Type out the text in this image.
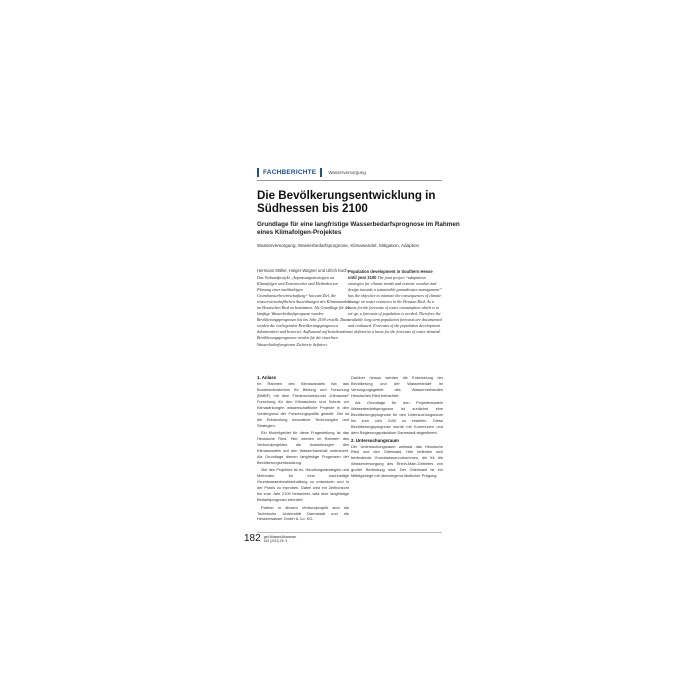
FACHBERICHTE	Wasserversorgung
Die Bevölkerungsentwicklung in Südhessen bis 2100
Grundlage für eine langfristige Wasserbedarfsprognose im Rahmen eines Klimafolgen-Projektes
Wasserversorgung, Wasserbedarfsprognose, Klimawandel, Mitigation, Adaption
Hermann Möller, Holger Wagner und Ulrich Koch
Das Verbundprojekt „Anpassungsstrategien an Klimafolgen und Extremwetter und Methoden zur Planung einer nachhaltigen Grundwasserbewirtschaftung“ hat zum Ziel, die wasserwirtschaftlichen Auswirkungen des Klimawandels im Hessischen Ried zu bestimmen. Als Grundlage für die künftige Wasserbedarfsprognose wurden Bevölkerungsprognosen bis ins Jahr 2100 erstellt. Dazu werden die vorliegenden Bevölkerungsprognosen dokumentiert und bewertet. Aufbauend auf bestehenden Bevölkerungsprognosen werden für die einzelnen Wasserbedarfsregionen Zielwerte definiert.
Population development in Southern Hesse until year 2100 The joint project “adaptation strategies for climate trends and extreme weather and design towards a sustainable groundwater management” has the objective to estimate the consequences of climate change on water resources in the Hessian Ried. As a basis for the forecasts of water consumption which is to set up, a forecasts of population is needed. Therefore the available long term population forecasts are documented and evaluated. Forecasts of the population development are defined as a basis for the forecasts of water demand.
1. Anlass

Im Rahmen des Klimawandels hat das Bundesministerium für Bildung und Forschung (BMBF) mit dem Förderschwerpunkt „Klimazwei“ Forschung für den Klimaschutz und Schutz vor Klimawirkungen wissenschaftliche Projekte in den Vordergrund der Forschungspolitik gestellt. Ziel ist die Entwicklung innovativer Technologien und Strategien.

Ein Modellgebiet für diese Fragestellung ist das Hessische Ried. Hier werden im Rahmen des Verbundprojektes die Auswirkungen des Klimawandels auf den Wasserhaushalt untersucht. Als Grundlage dienen langfristige Prognosen der Bevölkerungsentwicklung.

Ziel des Projektes ist es, Handlungsstrategien und Methoden für eine nachhaltige Grundwasserbewirtschaftung zu entwickeln und in der Praxis zu erproben. Dabei wird ein Zeithorizont bis zum Jahr 2100 betrachtet, was eine langfristige Bedarfsprognose erfordert.

Partner in diesem Verbundprojekt sind die Technische Universität Darmstadt und die Hessenwasser GmbH & Co. KG.

Darüber hinaus werden die Entwicklung der Bevölkerung und der Wasserbedarf im Versorgungsgebiet des Wasserverbandes Hessisches Ried betrachtet.

Als Grundlage für den Projektbaustein Wasserbedarfsprognose ist zunächst eine Bevölkerungsprognose für den Untersuchungsraum bis zum Jahr 2100 zu erstellen. Diese Bevölkerungsprognose wurde mit Kommunen und dem Regierungspräsidium Darmstadt abgestimmt.

2. Untersuchungsraum

Der Untersuchungsraum umfasst das Hessische Ried und den Odenwald. Hier befinden sich bedeutende Grundwasservorkommen, die für die Wasserversorgung des Rhein-Main-Gebietes von großer Bedeutung sind. Der Odenwald ist ein Mittelgebirge mit überwiegend ländlicher Prägung.

182 gwf-Wasser|Abwasser
152 (2011) Nr. 3
